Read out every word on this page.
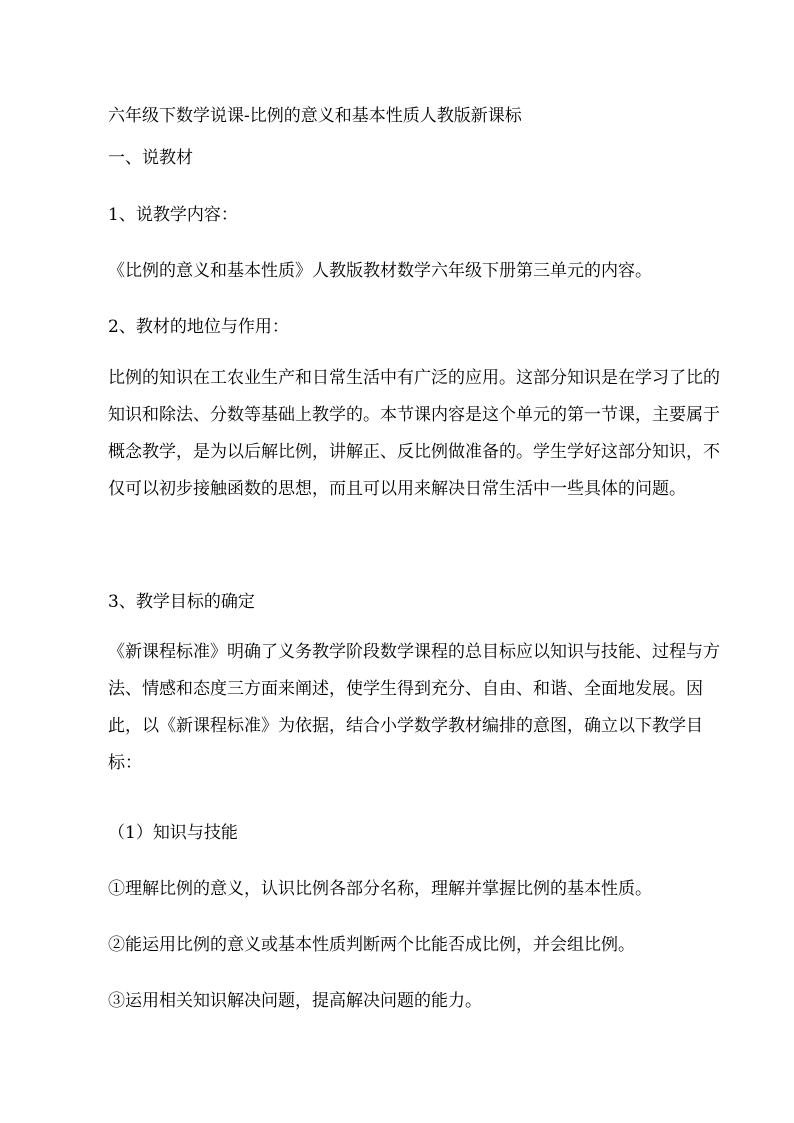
六年级下数学说课-比例的意义和基本性质人教版新课标

一、说教材

1、说教学内容：

《比例的意义和基本性质》人教版教材数学六年级下册第三单元的内容。

2、教材的地位与作用：

比例的知识在工农业生产和日常生活中有广泛的应用。这部分知识是在学习了比的知识和除法、分数等基础上教学的。本节课内容是这个单元的第一节课，主要属于概念教学，是为以后解比例，讲解正、反比例做准备的。学生学好这部分知识，不仅可以初步接触函数的思想，而且可以用来解决日常生活中一些具体的问题。

3、教学目标的确定

《新课程标准》明确了义务教学阶段数学课程的总目标应以知识与技能、过程与方法、情感和态度三方面来阐述，使学生得到充分、自由、和谐、全面地发展。因此，以《新课程标准》为依据，结合小学数学教材编排的意图，确立以下教学目标：

（1）知识与技能

①理解比例的意义，认识比例各部分名称，理解并掌握比例的基本性质。

②能运用比例的意义或基本性质判断两个比能否成比例，并会组比例。

③运用相关知识解决问题，提高解决问题的能力。
